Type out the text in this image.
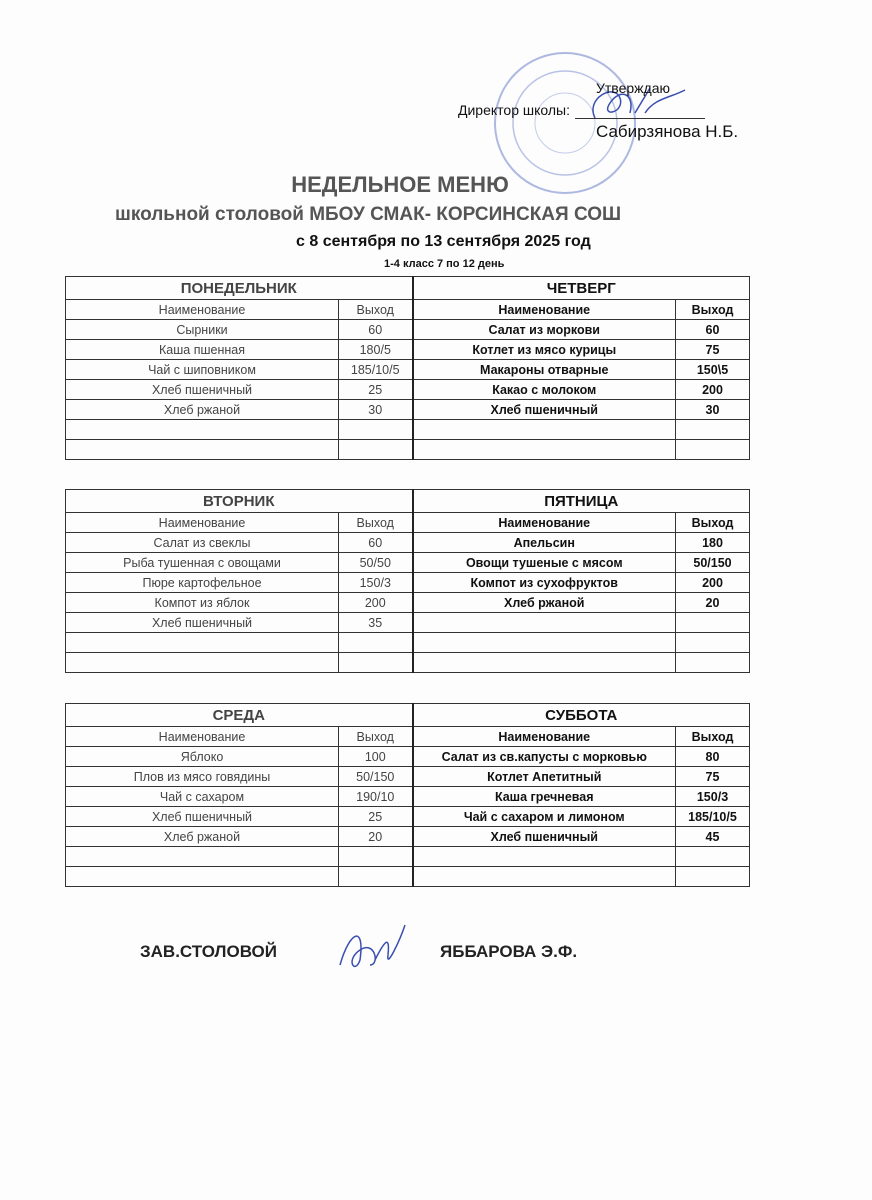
Утверждаю
Директор школы:
Сабирзянова Н.Б.
НЕДЕЛЬНОЕ МЕНЮ
школьной столовой МБОУ СМАК- КОРСИНСКАЯ СОШ
с 8 сентября по 13 сентября 2025 год
1-4 класс 7 по 12 день
ПОНЕДЕЛЬНИК		ЧЕТВЕРГ	
Наименование	Выход	Наименование	Выход
Сырники	60	Салат из моркови	60
Каша пшенная	180/5	Котлет из мясо курицы	75
Чай с шиповником	185/10/5	Макароны отварные	150\5
Хлеб пшеничный	25	Какао с молоком	200
Хлеб ржаной	30	Хлеб пшеничный	30

ВТОРНИК		ПЯТНИЦА	
Наименование	Выход	Наименование	Выход
Салат из свеклы	60	Апельсин	180
Рыба тушенная с овощами	50/50	Овощи тушеные с мясом	50/150
Пюре картофельное	150/3	Компот из сухофруктов	200
Компот из яблок	200	Хлеб ржаной	20
Хлеб пшеничный	35		

СРЕДА		СУББОТА	
Наименование	Выход	Наименование	Выход
Яблоко	100	Салат из св.капусты с морковью	80
Плов из мясо говядины	50/150	Котлет Апетитный	75
Чай с сахаром	190/10	Каша гречневая	150/3
Хлеб пшеничный	25	Чай с сахаром и лимоном	185/10/5
Хлеб ржаной	20	Хлеб пшеничный	45

ЗАВ.СТОЛОВОЙ	ЯББАРОВА Э.Ф.
